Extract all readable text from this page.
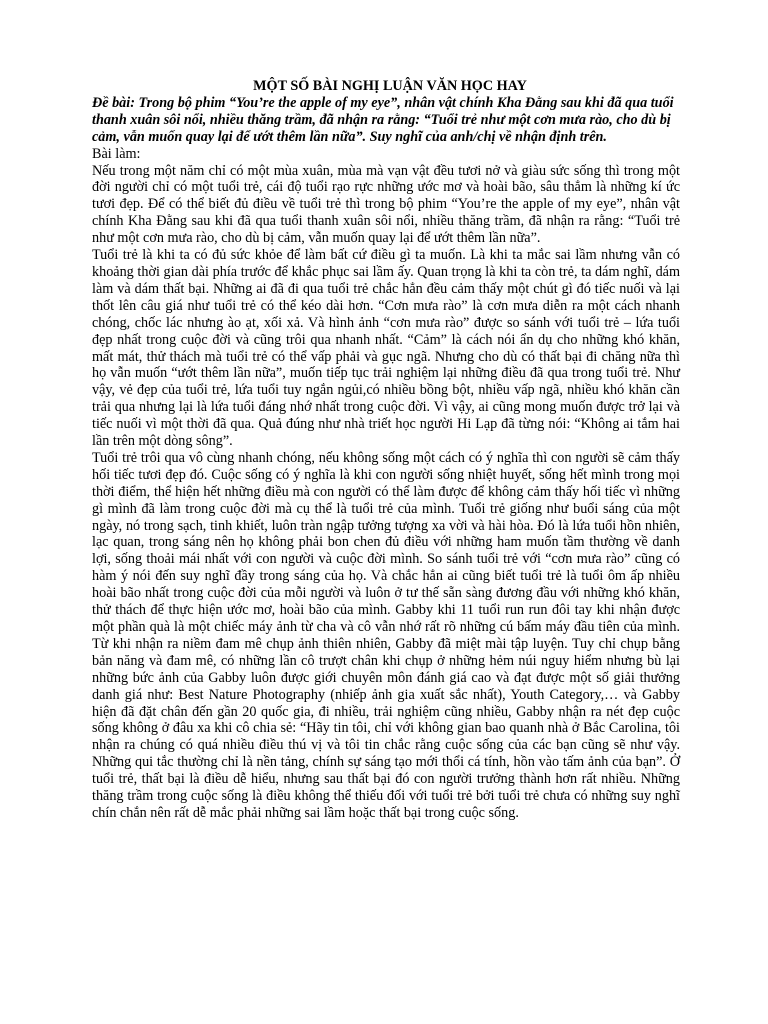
MỘT SỐ BÀI NGHỊ LUẬN VĂN HỌC HAY

Đề bài: Trong bộ phim “You’re the apple of my eye”, nhân vật chính Kha Đằng sau khi đã qua tuổi thanh xuân sôi nổi, nhiều thăng trầm, đã nhận ra rằng: “Tuổi trẻ như một cơn mưa rào, cho dù bị cảm, vẫn muốn quay lại để ướt thêm lần nữa”. Suy nghĩ của anh/chị về nhận định trên.

Bài làm:

Nếu trong một năm chỉ có một mùa xuân, mùa mà vạn vật đều tươi nở và giàu sức sống thì trong một đời người chỉ có một tuổi trẻ, cái độ tuổi rạo rực những ước mơ và hoài bão, sâu thẳm là những kí ức tươi đẹp. Để có thể biết đủ điều về tuổi trẻ thì trong bộ phim “You’re the apple of my eye”, nhân vật chính Kha Đằng sau khi đã qua tuổi thanh xuân sôi nổi, nhiều thăng trầm, đã nhận ra rằng: “Tuổi trẻ như một cơn mưa rào, cho dù bị cảm, vẫn muốn quay lại để ướt thêm lần nữa”.

Tuổi trẻ là khi ta có đủ sức khỏe để làm bất cứ điều gì ta muốn. Là khi ta mắc sai lầm nhưng vẫn có khoảng thời gian dài phía trước để khắc phục sai lầm ấy. Quan trọng là khi ta còn trẻ, ta dám nghĩ, dám làm và dám thất bại. Những ai đã đi qua tuổi trẻ chắc hẳn đều cảm thấy một chút gì đó tiếc nuối và lại thốt lên câu giá như tuổi trẻ có thể kéo dài hơn. “Cơn mưa rào” là cơn mưa diễn ra một cách nhanh chóng, chốc lác nhưng ào ạt, xối xả. Và hình ảnh “cơn mưa rào” được so sánh với tuổi trẻ – lứa tuổi đẹp nhất trong cuộc đời và cũng trôi qua nhanh nhất. “Cảm” là cách nói ẩn dụ cho những khó khăn, mất mát, thử thách mà tuổi trẻ có thể vấp phải và gục ngã. Nhưng cho dù có thất bại đi chăng nữa thì họ vẫn muốn “ướt thêm lần nữa”, muốn tiếp tục trải nghiệm lại những điều đã qua trong tuổi trẻ. Như vậy, vẻ đẹp của tuổi trẻ, lứa tuổi tuy ngắn ngủi,có nhiều bồng bột, nhiều vấp ngã, nhiều khó khăn cần trải qua nhưng lại là lứa tuổi đáng nhớ nhất trong cuộc đời. Vì vậy, ai cũng mong muốn được trở lại và tiếc nuối vì một thời đã qua. Quả đúng như nhà triết học người Hi Lạp đã từng nói: “Không ai tắm hai lần trên một dòng sông”.

Tuổi trẻ trôi qua vô cùng nhanh chóng, nếu không sống một cách có ý nghĩa thì con người sẽ cảm thấy hối tiếc tươi đẹp đó. Cuộc sống có ý nghĩa là khi con người sống nhiệt huyết, sống hết mình trong mọi thời điểm, thể hiện hết những điều mà con người có thể làm được để không cảm thấy hối tiếc vì những gì mình đã làm trong cuộc đời mà cụ thể là tuổi trẻ của mình. Tuổi trẻ giống như buổi sáng của một ngày, nó trong sạch, tinh khiết, luôn tràn ngập tưởng tượng xa vời và hài hòa. Đó là lứa tuổi hồn nhiên, lạc quan, trong sáng nên họ không phải bon chen đủ điều với những ham muốn tầm thường về danh lợi, sống thoải mái nhất với con người và cuộc đời mình. So sánh tuổi trẻ với “cơn mưa rào” cũng có hàm ý nói đến suy nghĩ đầy trong sáng của họ. Và chắc hẳn ai cũng biết tuổi trẻ là tuổi ôm ấp nhiều hoài bão nhất trong cuộc đời của mỗi người và luôn ở tư thế sẵn sàng đương đầu với những khó khăn, thử thách để thực hiện ước mơ, hoài bão của mình. Gabby khi 11 tuổi run run đôi tay khi nhận được một phần quà là một chiếc máy ảnh từ cha và cô vẫn nhớ rất rõ những cú bấm máy đầu tiên của mình. Từ khi nhận ra niềm đam mê chụp ảnh thiên nhiên, Gabby đã miệt mài tập luyện. Tuy chỉ chụp bằng bản năng và đam mê, có những lần cô trượt chân khi chụp ở những hẻm núi nguy hiểm nhưng bù lại những bức ảnh của Gabby luôn được giới chuyên môn đánh giá cao và đạt được một số giải thưởng danh giá như: Best Nature Photography (nhiếp ảnh gia xuất sắc nhất), Youth Category,… và Gabby hiện đã đặt chân đến gần 20 quốc gia, đi nhiều, trải nghiệm cũng nhiều, Gabby nhận ra nét đẹp cuộc sống không ở đâu xa khi cô chia sẻ: “Hãy tin tôi, chỉ với không gian bao quanh nhà ở Bắc Carolina, tôi nhận ra chúng có quá nhiều điều thú vị và tôi tin chắc rằng cuộc sống của các bạn cũng sẽ như vậy. Những qui tắc thường chỉ là nền tảng, chính sự sáng tạo mới thổi cá tính, hồn vào tấm ảnh của bạn”. Ở tuổi trẻ, thất bại là điều dễ hiểu, nhưng sau thất bại đó con người trưởng thành hơn rất nhiều. Những thăng trầm trong cuộc sống là điều không thể thiếu đối với tuổi trẻ bởi tuổi trẻ chưa có những suy nghĩ chín chắn nên rất dễ mắc phải những sai lầm hoặc thất bại trong cuộc sống.
